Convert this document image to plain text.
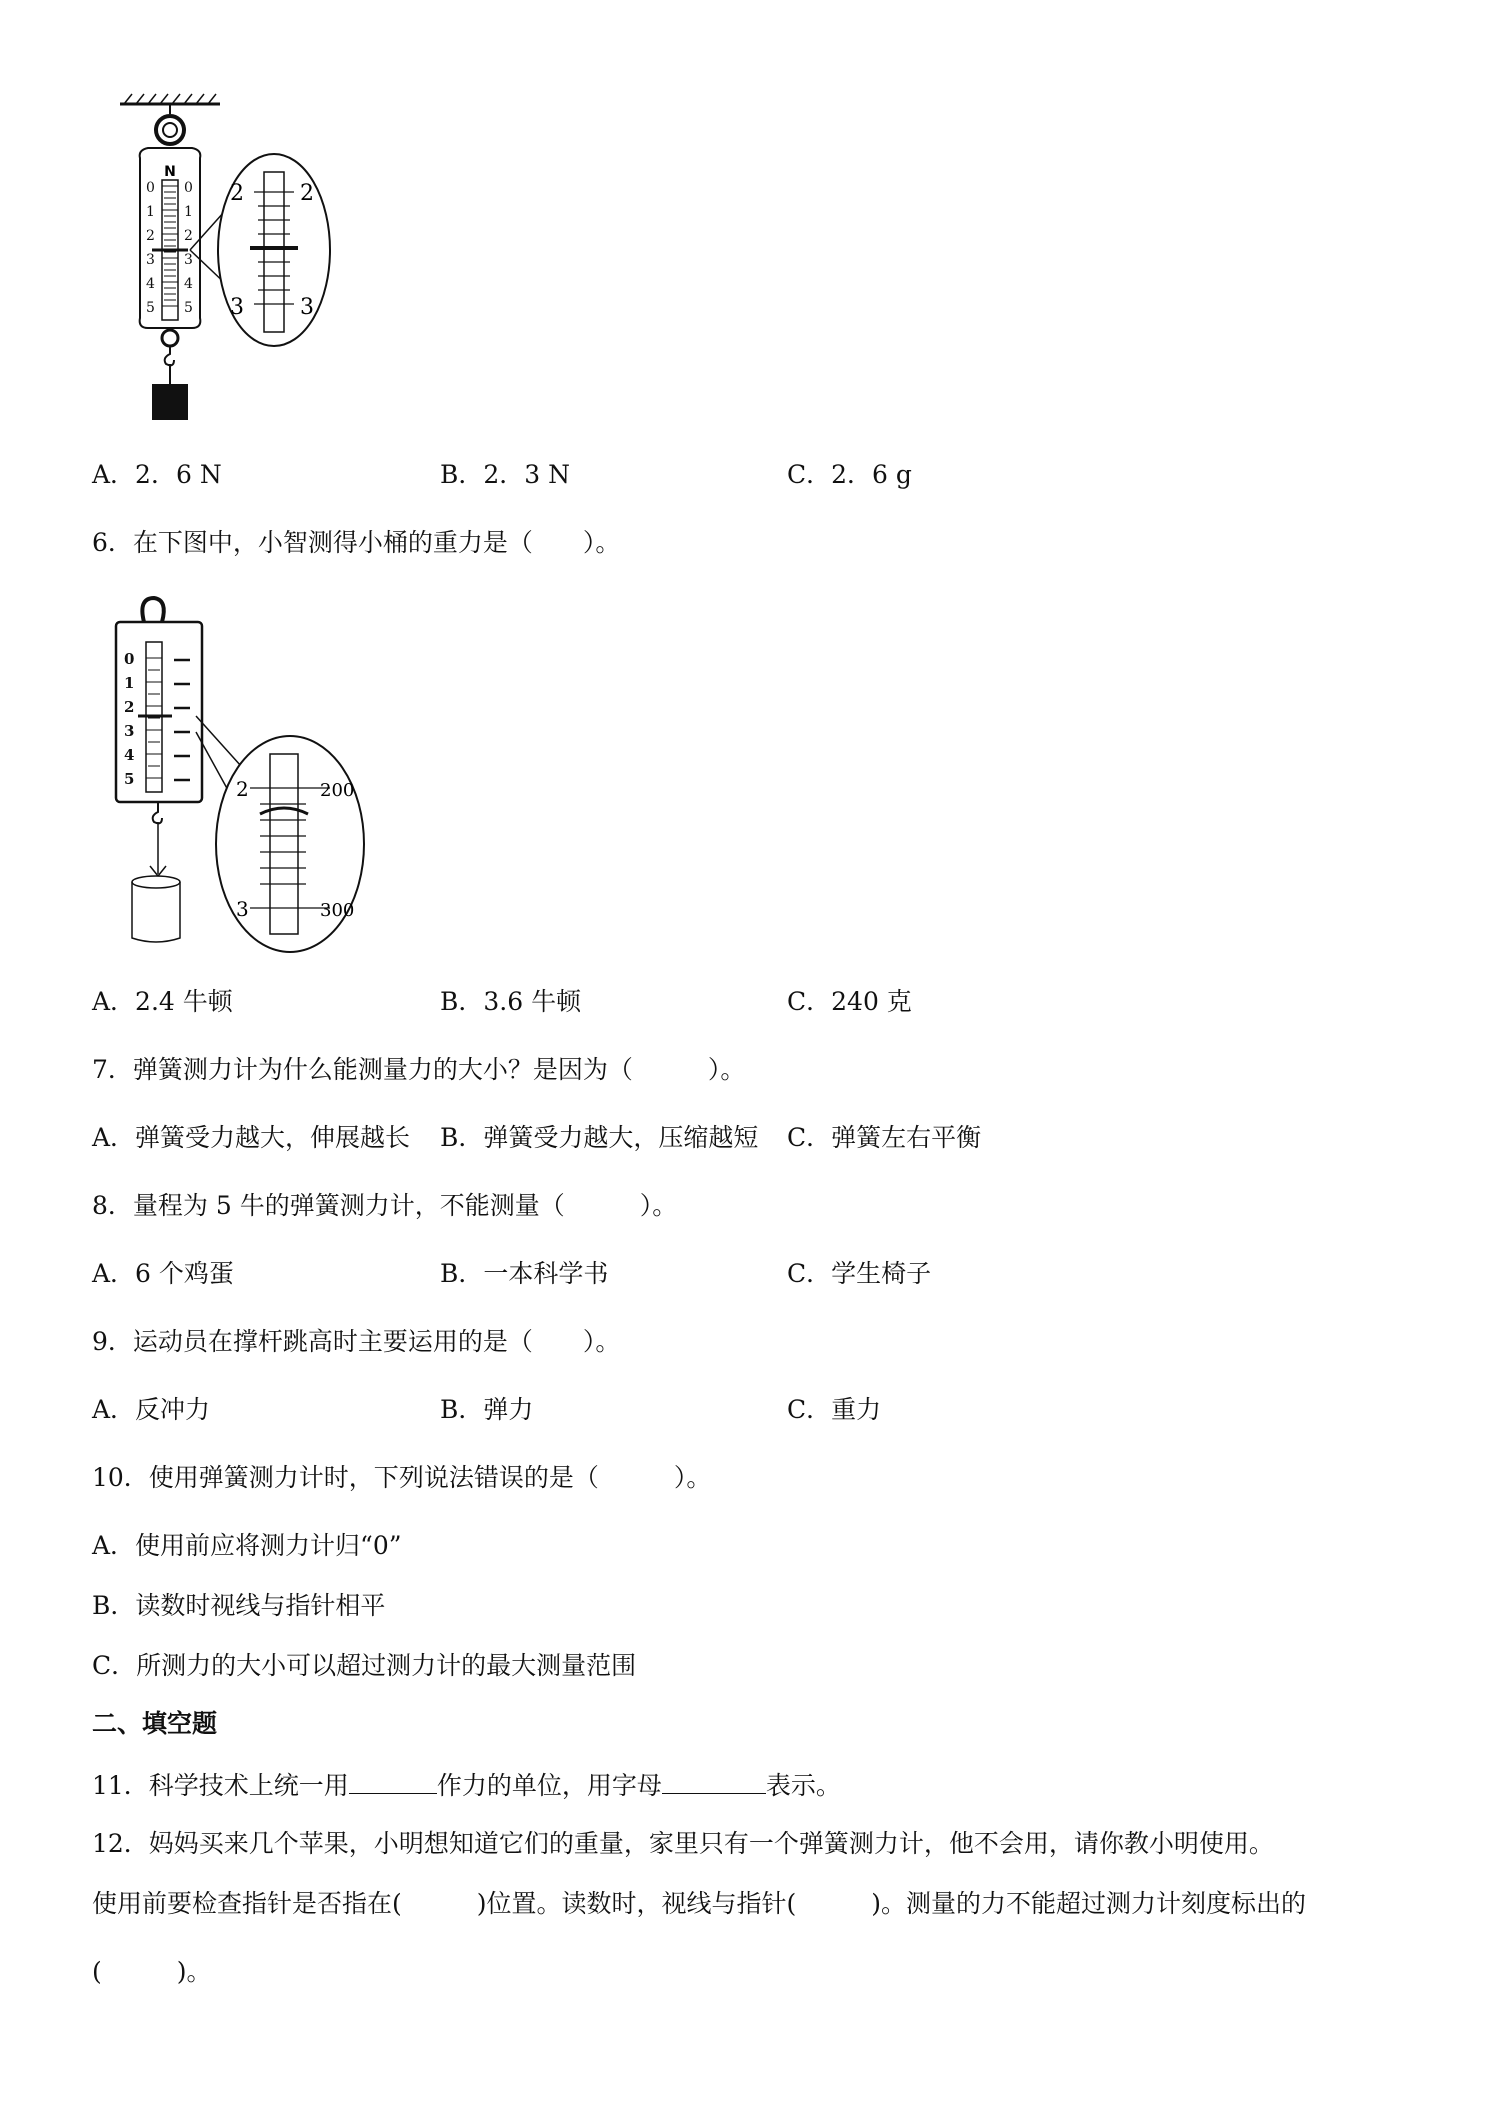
N
0
1
2
3
4
5
0
1
2
3
4
5
2	2
3	3
A．2．6 N	B．2．3 N	C．2．6 g
6．在下图中，小智测得小桶的重力是（　　）。
0
1
2
3
4
5	2
3
200
300
A．2.4 牛顿	B．3.6 牛顿	C．240 克
7．弹簧测力计为什么能测量力的大小？是因为（　　　）。
A．弹簧受力越大，伸展越长 B．弹簧受力越大，压缩越短 C．弹簧左右平衡
8．量程为 5 牛的弹簧测力计，不能测量（　　　）。
A．6 个鸡蛋	B．一本科学书	C．学生椅子
9．运动员在撑杆跳高时主要运用的是（　　）。
A．反冲力	B．弹力	C．重力
10．使用弹簧测力计时，下列说法错误的是（　　　）。
A．使用前应将测力计归“0”
B．读数时视线与指针相平
C．所测力的大小可以超过测力计的最大测量范围
二、填空题
11．科学技术上统一用	作力的单位，用字母	表示。
12．妈妈买来几个苹果，小明想知道它们的重量，家里只有一个弹簧测力计，他不会用，请你教小明使用。
使用前要检查指针是否指在(　　　)位置。读数时，视线与指针(　　　)。测量的力不能超过测力计刻度标出的
(　　　)。
